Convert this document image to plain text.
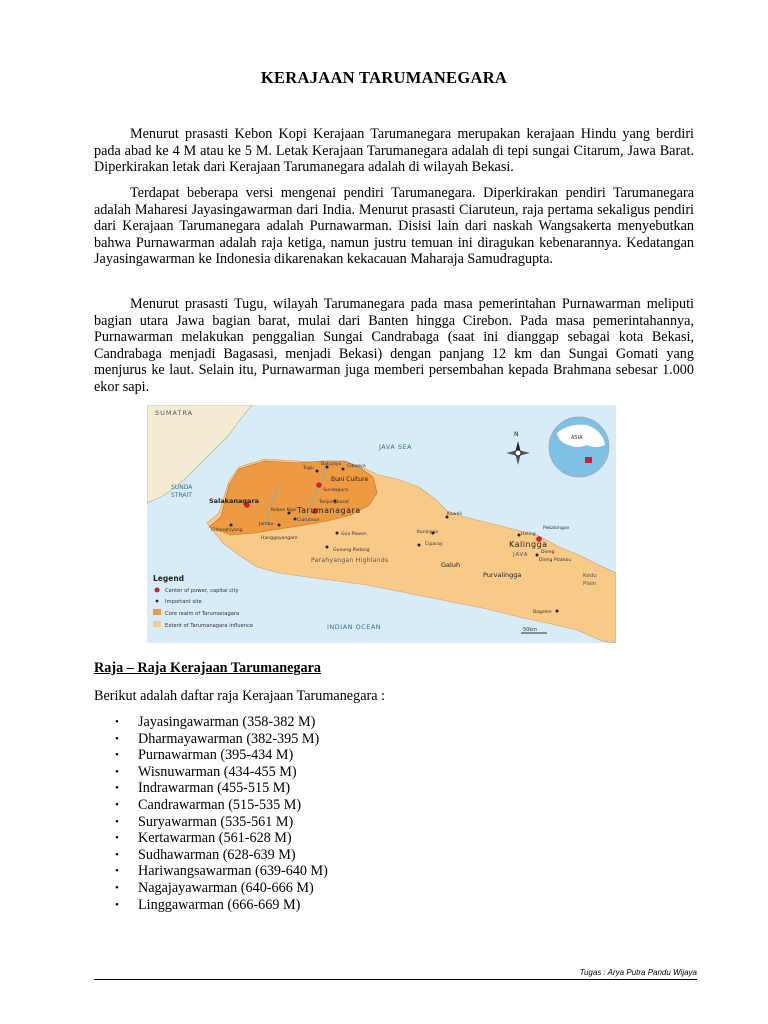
KERAJAAN TARUMANEGARA

Menurut prasasti Kebon Kopi Kerajaan Tarumanegara merupakan kerajaan Hindu yang berdiri pada abad ke 4 M atau ke 5 M. Letak Kerajaan Tarumanegara adalah di tepi sungai Citarum, Jawa Barat. Diperkirakan letak dari Kerajaan Tarumanegara adalah di wilayah Bekasi.

Terdapat beberapa versi mengenai pendiri Tarumanegara. Diperkirakan pendiri Tarumanegara adalah Maharesi Jayasingawarman dari India. Menurut prasasti Ciaruteun, raja pertama sekaligus pendiri dari Kerajaan Tarumanegara adalah Purnawarman. Disisi lain dari naskah Wangsakerta menyebutkan bahwa Purnawarman adalah raja ketiga, namun justru temuan ini diragukan kebenarannya. Kedatangan Jayasingawarman ke Indonesia dikarenakan kekacauan Maharaja Samudragupta.

Menurut prasasti Tugu, wilayah Tarumanegara pada masa pemerintahan Purnawarman meliputi bagian utara Jawa bagian barat, mulai dari Banten hingga Cirebon. Pada masa pemerintahannya, Purnawarman melakukan penggalian Sungai Candrabaga (saat ini dianggap sebagai kota Bekasi, Candrabaga menjadi Bagasasi, menjadi Bekasi) dengan panjang 12 km dan Sungai Gomati yang menjurus ke laut. Selain itu, Purnawarman juga memberi persembahan kepada Brahmana sebesar 1.000 ekor sapi.

SUMATRA
JAVA SEA
SUNDA
STRAIT
INDIAN OCEAN
ASIA
N
Salakanagara
Tarumanagara
Buni Culture
Kalingga
Parahyangan Highlands
JAVA
Galuh
Purvalingga	Kedu
Plain
Tugu
Batujaya Cibuaya
Sundapura
Tanjungbarat
Kebon Kopi
Ciaruteun
Jambu
Cidanghiyang
Gunung Padang
Guo Pawon	Kuningan
Kawali
Ciparay
Hanggayangam
Pekalongan
Holing
Dieng
Dieng Plateau
Bagelen
50km
Legend
Center of power, capital city
Important site
Core realm of Tarumanagara
Extent of Tarumanagara influence

Raja – Raja Kerajaan Tarumanegara

Berikut adalah daftar raja Kerajaan Tarumanegara :

• Jayasingawarman (358-382 M)
• Dharmayawarman (382-395 M)
• Purnawarman (395-434 M)
• Wisnuwarman (434-455 M)
• Indrawarman (455-515 M)
• Candrawarman (515-535 M)
• Suryawarman (535-561 M)
• Kertawarman (561-628 M)
• Sudhawarman (628-639 M)
• Hariwangsawarman (639-640 M)
• Nagajayawarman (640-666 M)
• Linggawarman (666-669 M)
Tugas : Arya Putra Pandu Wijaya
